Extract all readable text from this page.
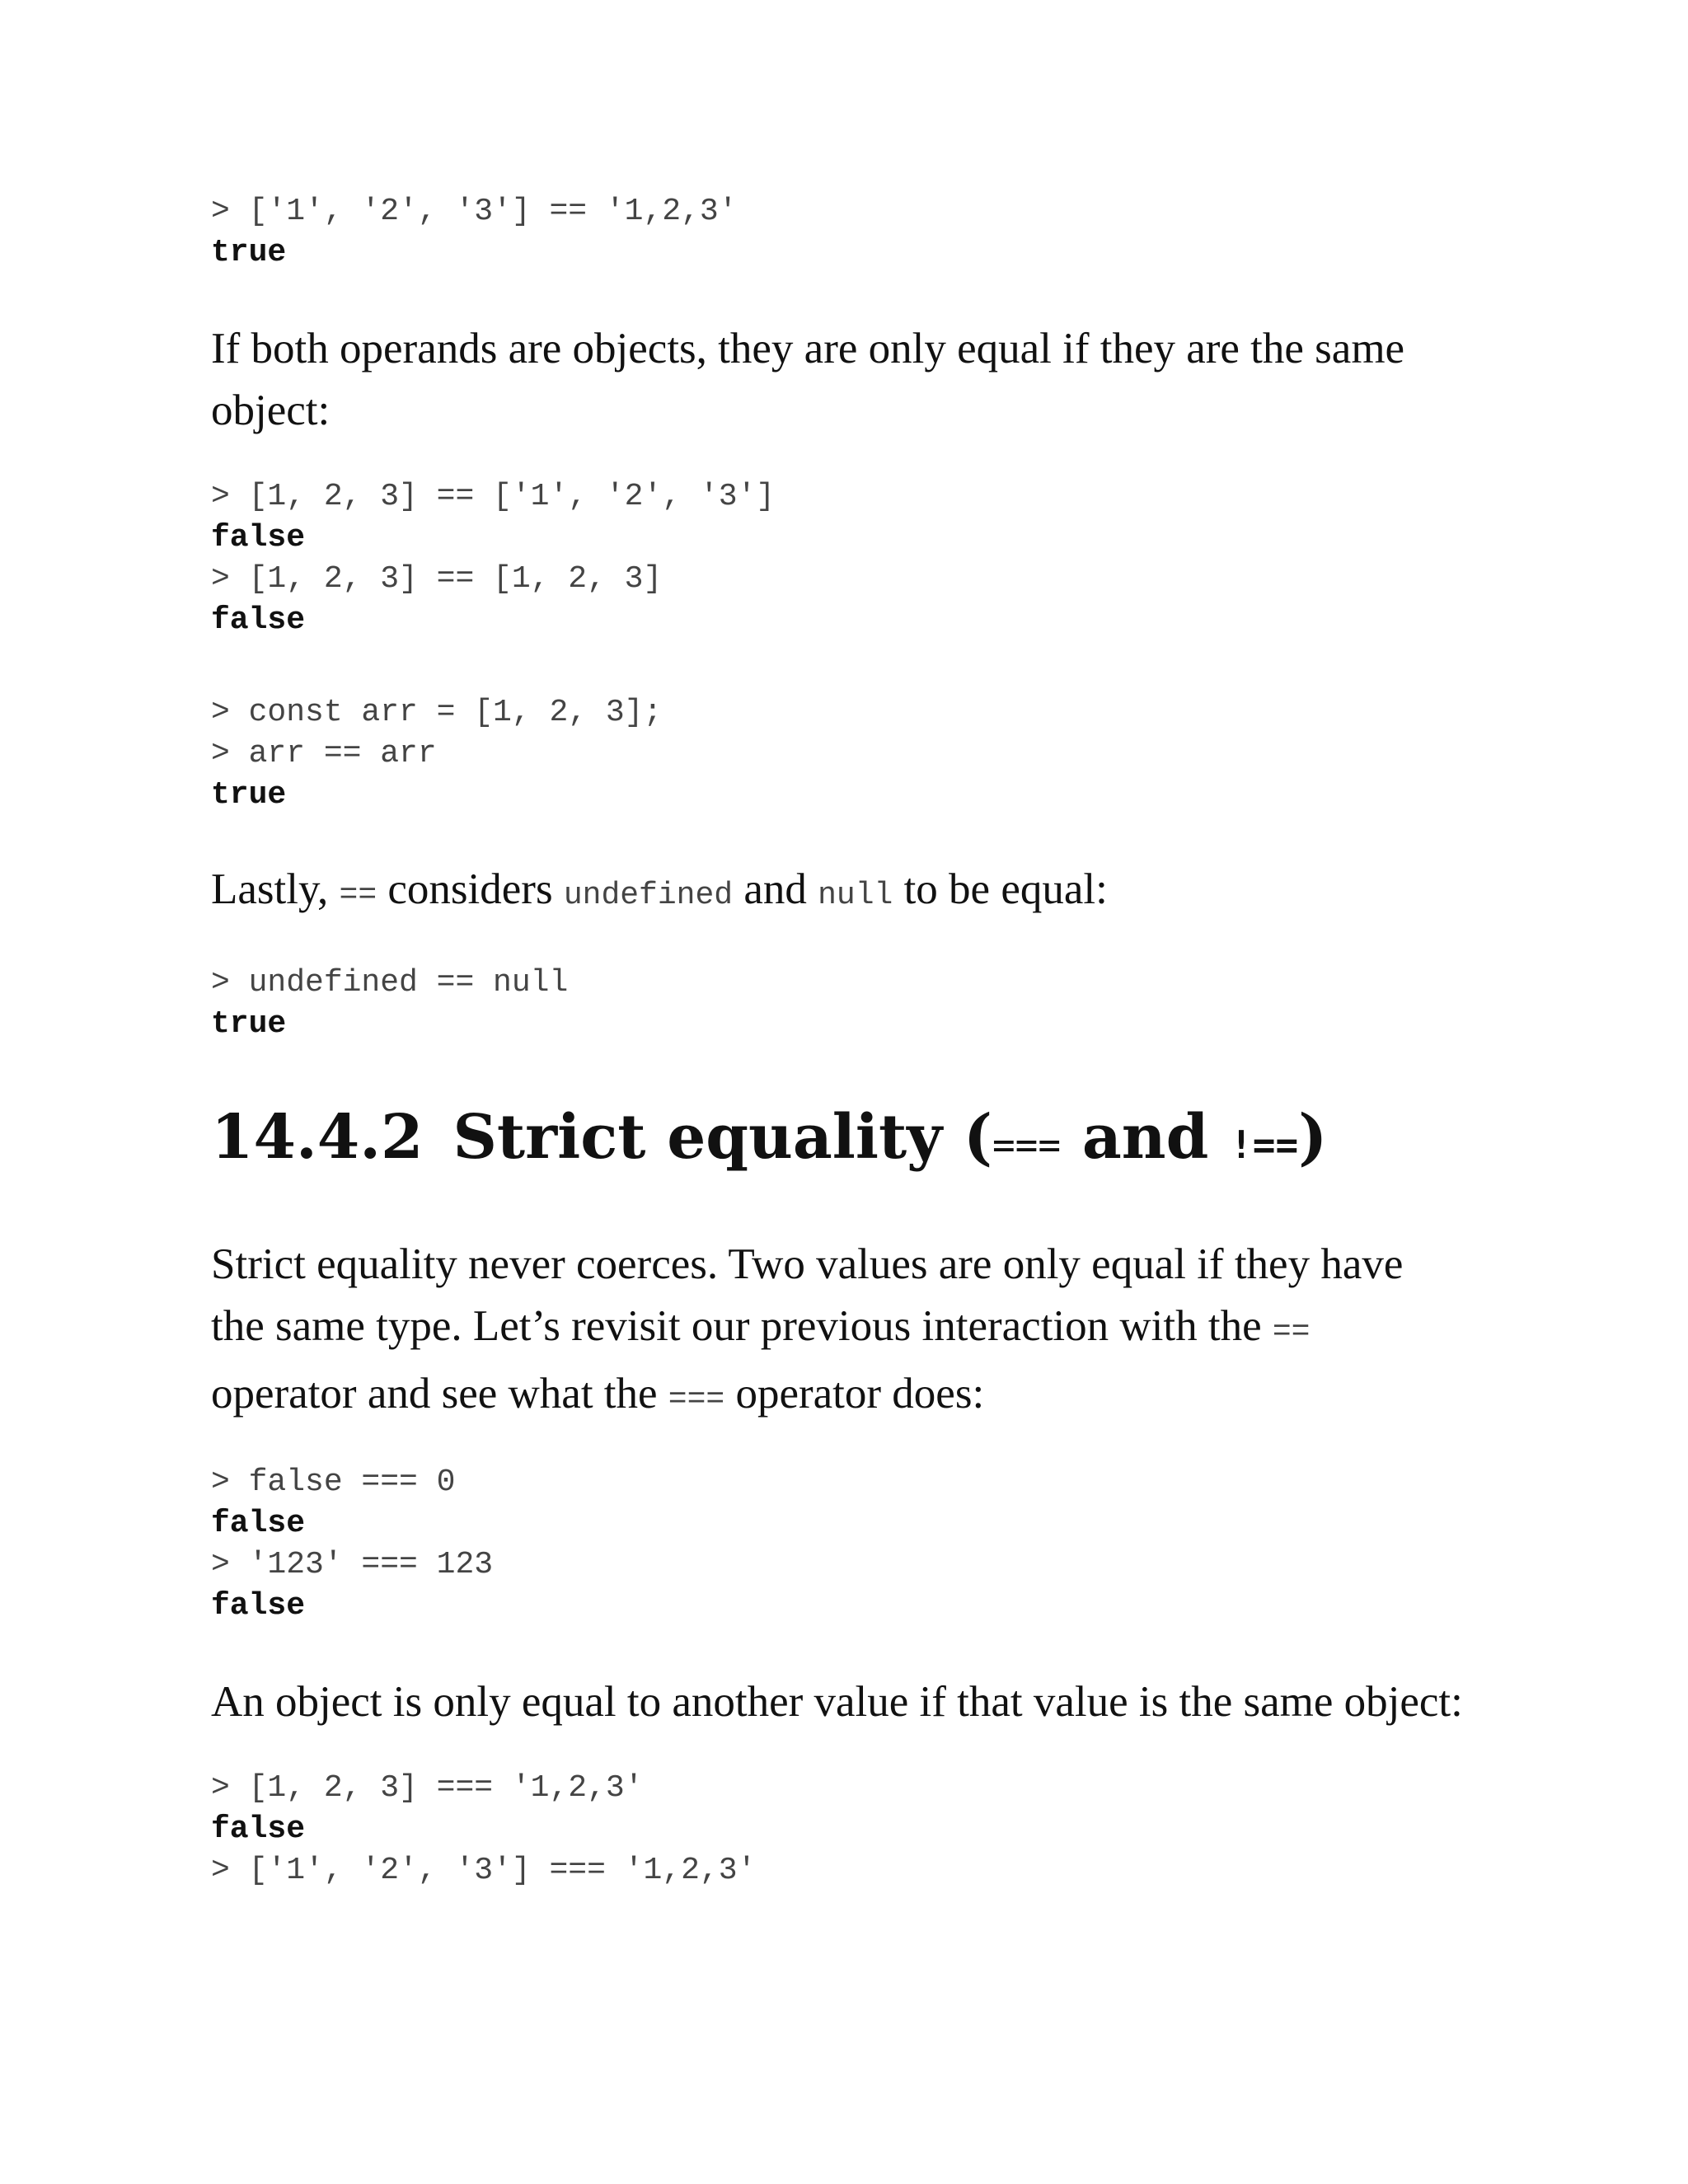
> ['1', '2', '3'] == '1,2,3'
true

If both operands are objects, they are only equal if they are the same object:

> [1, 2, 3] == ['1', '2', '3']
false
> [1, 2, 3] == [1, 2, 3]
false
> const arr = [1, 2, 3];
> arr == arr
true

Lastly, == considers undefined and null to be equal:

> undefined == null
true
14.4.2 Strict equality (=== and !==)

Strict equality never coerces. Two values are only equal if they have
the same type. Let’s revisit our previous interaction with the ==
operator and see what the === operator does:

> false === 0
false
> '123' === 123
false

An object is only equal to another value if that value is the same object:

> [1, 2, 3] === '1,2,3'
false
> ['1', '2', '3'] === '1,2,3'
